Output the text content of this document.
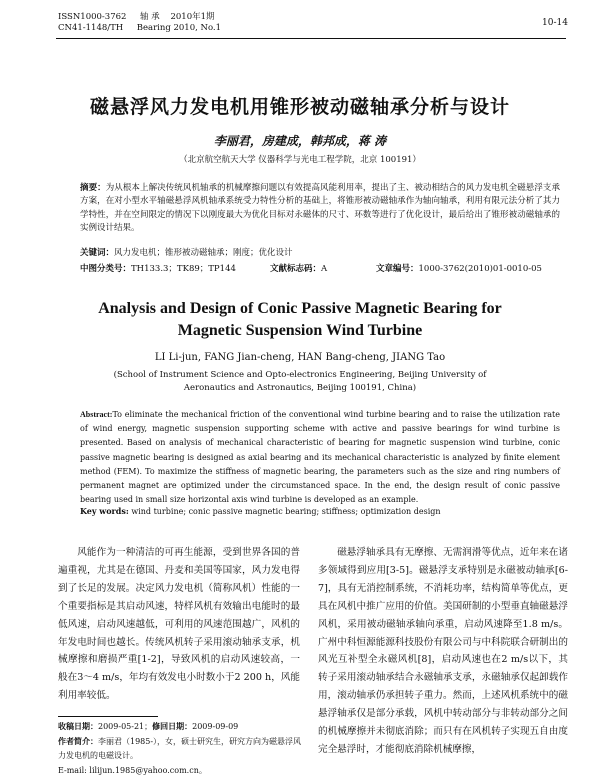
ISSN1000-3762 轴 承 2010年1期
CN41-1148/TH Bearing 2010, No.1	10-14
磁悬浮风力发电机用锥形被动磁轴承分析与设计
李丽君，房建成，韩邦成，蒋 涛
（北京航空航天大学 仪器科学与光电工程学院，北京 100191）
摘要：为从根本上解决传统风机轴承的机械摩擦问题以有效提高风能利用率，提出了主、被动相结合的风力发电机全磁悬浮支承方案，在对小型水平轴磁悬浮风机轴承系统受力特性分析的基础上，将锥形被动磁轴承作为轴向轴承，利用有限元法分析了其力学特性，并在空间限定的情况下以刚度最大为优化目标对永磁体的尺寸、环数等进行了优化设计，最后给出了锥形被动磁轴承的实例设计结果。
关键词：风力发电机；锥形被动磁轴承；刚度；优化设计
中图分类号：TH133.3；TK89；TP144	文献标志码：A	文章编号：1000-3762(2010)01-0010-05
Analysis and Design of Conic Passive Magnetic Bearing for
Magnetic Suspension Wind Turbine
LI Li-jun, FANG Jian-cheng, HAN Bang-cheng, JIANG Tao
(School of Instrument Science and Opto-electronics Engineering, Beijing University of
Aeronautics and Astronautics, Beijing 100191, China)
Abstract:To eliminate the mechanical friction of the conventional wind turbine bearing and to raise the utilization rate of wind energy, magnetic suspension supporting scheme with active and passive bearings for wind turbine is presented. Based on analysis of mechanical characteristic of bearing for magnetic suspension wind turbine, conic passive magnetic bearing is designed as axial bearing and its mechanical characteristic is analyzed by finite element method (FEM). To maximize the stiffness of magnetic bearing, the parameters such as the size and ring numbers of permanent magnet are optimized under the circumstanced space. In the end, the design result of conic passive bearing used in small size horizontal axis wind turbine is developed as an example.
Key words: wind turbine; conic passive magnetic bearing; stiffness; optimization design

风能作为一种清洁的可再生能源，受到世界各国的普遍重视，尤其是在德国、丹麦和美国等国家，风力发电得到了长足的发展。决定风力发电机（简称风机）性能的一个重要指标是其启动风速，特样风机有效输出电能时的最低风速，启动风速越低，可利用的风速范围越广，风机的年发电时间也越长。传统风机转子采用滚动轴承支承，机械摩擦和磨损严重[1-2]，导致风机的启动风速较高，一般在3～4 m/s，年均有效发电小时数小于2 200 h，风能利用率较低。

磁悬浮轴承具有无摩擦、无需润滑等优点，近年来在诸多领域得到应用[3-5]。磁悬浮支承特别是永磁被动轴承[6-7]，具有无消控制系统，不消耗功率，结构简单等优点，更具在风机中推广应用的价值。美国研制的小型垂直轴磁悬浮风机，采用被动磁轴承轴向承重，启动风速降至1.8 m/s。广州中科恒源能源科技股份有限公司与中科院联合研制出的风光互补型全永磁风机[8]，启动风速也在2 m/s以下，其转子采用滚动轴承结合永磁轴承支承，永磁轴承仅起卸载作用，滚动轴承仍承担转子重力。然而，上述风机系统中的磁悬浮轴承仅是部分承载，风机中转动部分与非转动部分之间的机械摩擦并未彻底消除；而只有在风机转子实现五自由度完全悬浮时，才能彻底消除机械摩擦，

收稿日期：2009-05-21；修回日期：2009-09-09
作者简介：李丽君（1985-），女，硕士研究生，研究方向为磁悬浮风力发电机的电磁设计。
E-mail: lilijun.1985@yahoo.com.cn。
